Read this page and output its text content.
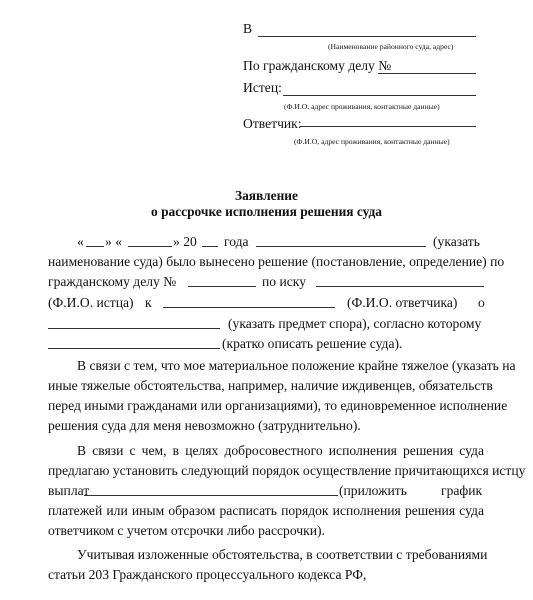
В
(Наименование районного суда, адрес)
По гражданскому делу №
Истец:
(Ф.И.О, адрес проживания, контактные данные)
Ответчик:
(Ф.И.О, адрес проживания, контактные данные)
Заявление
о рассрочке исполнения решения суда
« » «	» 20 года	(указать
наименование суда) было вынесено решение (постановление, определение) по
гражданскому делу №	по иску
(Ф.И.О. истца) к	(Ф.И.О. ответчика) о
(указать предмет спора), согласно которому
(кратко описать решение суда).
В связи с тем, что мое материальное положение крайне тяжелое (указать на
иные тяжелые обстоятельства, например, наличие иждивенцев, обязательств
перед иными гражданами или организациями), то единовременное исполнение
решения суда для меня невозможно (затруднительно).
В связи с чем, в целях добросовестного исполнения решения суда
предлагаю установить следующий порядок осуществление причитающихся истцу
выплат	(приложить	график
платежей или иным образом расписать порядок исполнения решения суда
ответчиком с учетом отсрочки либо рассрочки).
Учитывая изложенные обстоятельства, в соответствии с требованиями
статьи 203 Гражданского процессуального кодекса РФ,
